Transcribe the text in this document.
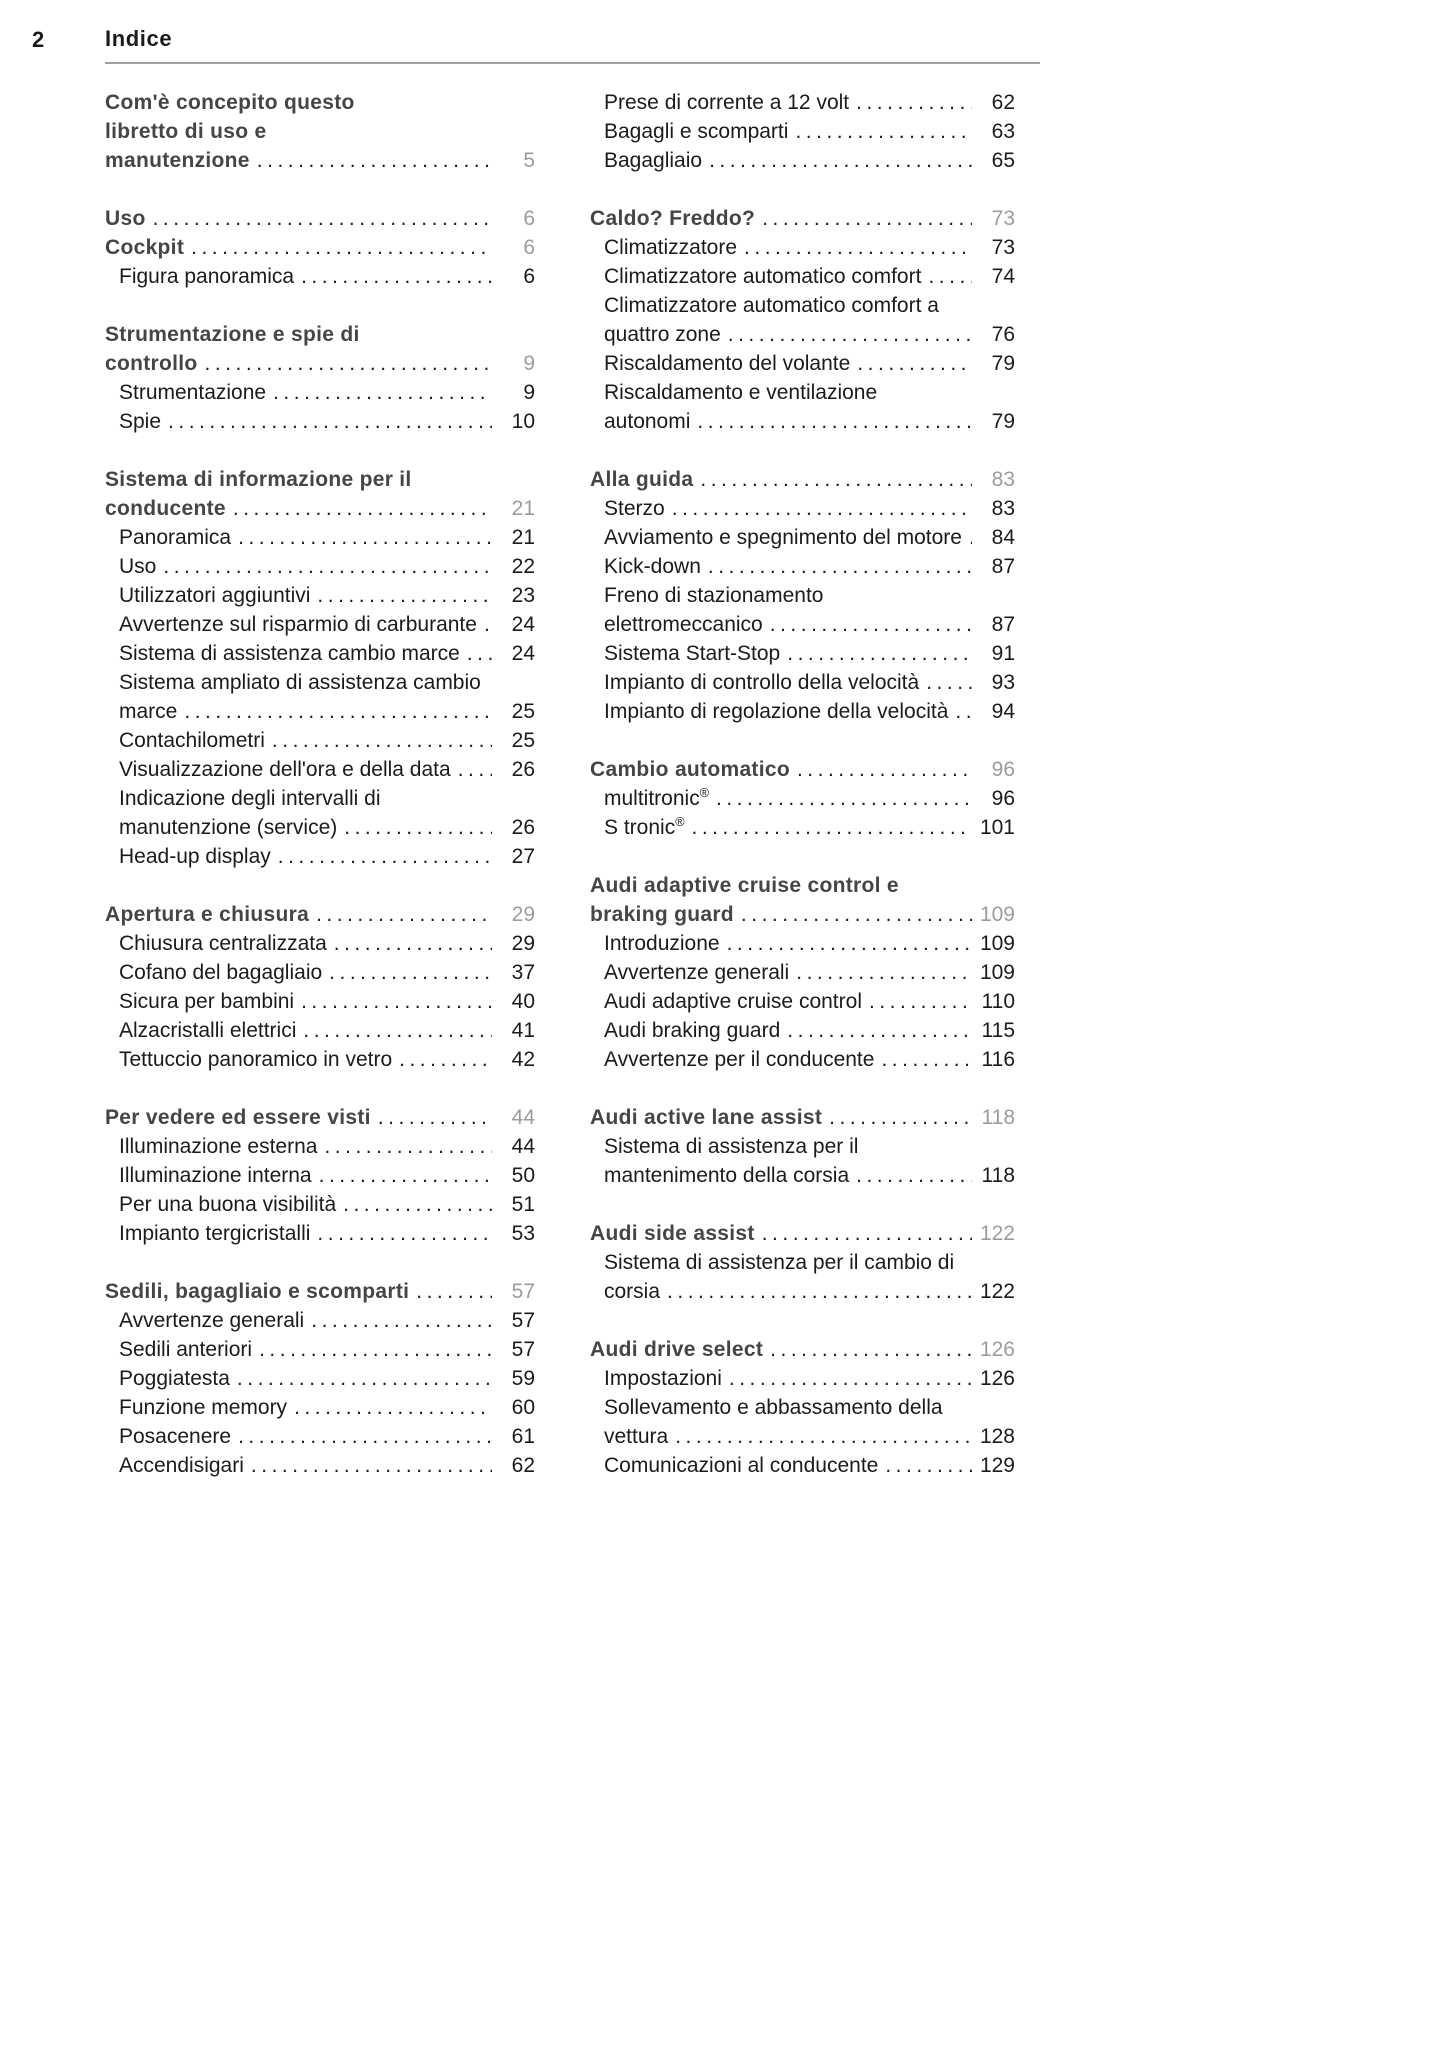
2	Indice
Com'è concepito questo
libretto di uso e
manutenzione .....	5
Uso .....	6
Cockpit .....	6
Figura panoramica .....	6
Strumentazione e spie di
controllo .....	9
Strumentazione .....	9
Spie .....	10
Sistema di informazione per il
conducente .....	21
Panoramica .....	21
Uso .....	22
Utilizzatori aggiuntivi .....	23
Avvertenze sul risparmio di carburante .....	24
Sistema di assistenza cambio marce .....	24
Sistema ampliato di assistenza cambio
marce .....	25
Contachilometri .....	25
Visualizzazione dell'ora e della data .....	26
Indicazione degli intervalli di
manutenzione (service) .....	26
Head-up display .....	27
Apertura e chiusura .....	29
Chiusura centralizzata .....	29
Cofano del bagagliaio .....	37
Sicura per bambini .....	40
Alzacristalli elettrici .....	41
Tettuccio panoramico in vetro .....	42
Per vedere ed essere visti .....	44
Illuminazione esterna .....	44
Illuminazione interna .....	50
Per una buona visibilità .....	51
Impianto tergicristalli .....	53
Sedili, bagagliaio e scomparti .....	57
Avvertenze generali .....	57
Sedili anteriori .....	57
Poggiatesta .....	59
Funzione memory .....	60
Posacenere .....	61
Accendisigari .....	62
Prese di corrente a 12 volt .....	62
Bagagli e scomparti .....	63
Bagagliaio .....	65
Caldo? Freddo? .....	73
Climatizzatore .....	73
Climatizzatore automatico comfort .....	74
Climatizzatore automatico comfort a
quattro zone .....	76
Riscaldamento del volante .....	79
Riscaldamento e ventilazione
autonomi .....	79
Alla guida .....	83
Sterzo .....	83
Avviamento e spegnimento del motore .....	84
Kick-down .....	87
Freno di stazionamento
elettromeccanico .....	87
Sistema Start-Stop .....	91
Impianto di controllo della velocità .....	93
Impianto di regolazione della velocità .....	94
Cambio automatico .....	96
multitronic® .....	96
S tronic® .....	101
Audi adaptive cruise control e
braking guard .....	109
Introduzione .....	109
Avvertenze generali .....	109
Audi adaptive cruise control .....	110
Audi braking guard .....	115
Avvertenze per il conducente .....	116
Audi active lane assist .....	118
Sistema di assistenza per il
mantenimento della corsia .....	118
Audi side assist .....	122
Sistema di assistenza per il cambio di
corsia .....	122
Audi drive select .....	126
Impostazioni .....	126
Sollevamento e abbassamento della
vettura .....	128
Comunicazioni al conducente .....	129
